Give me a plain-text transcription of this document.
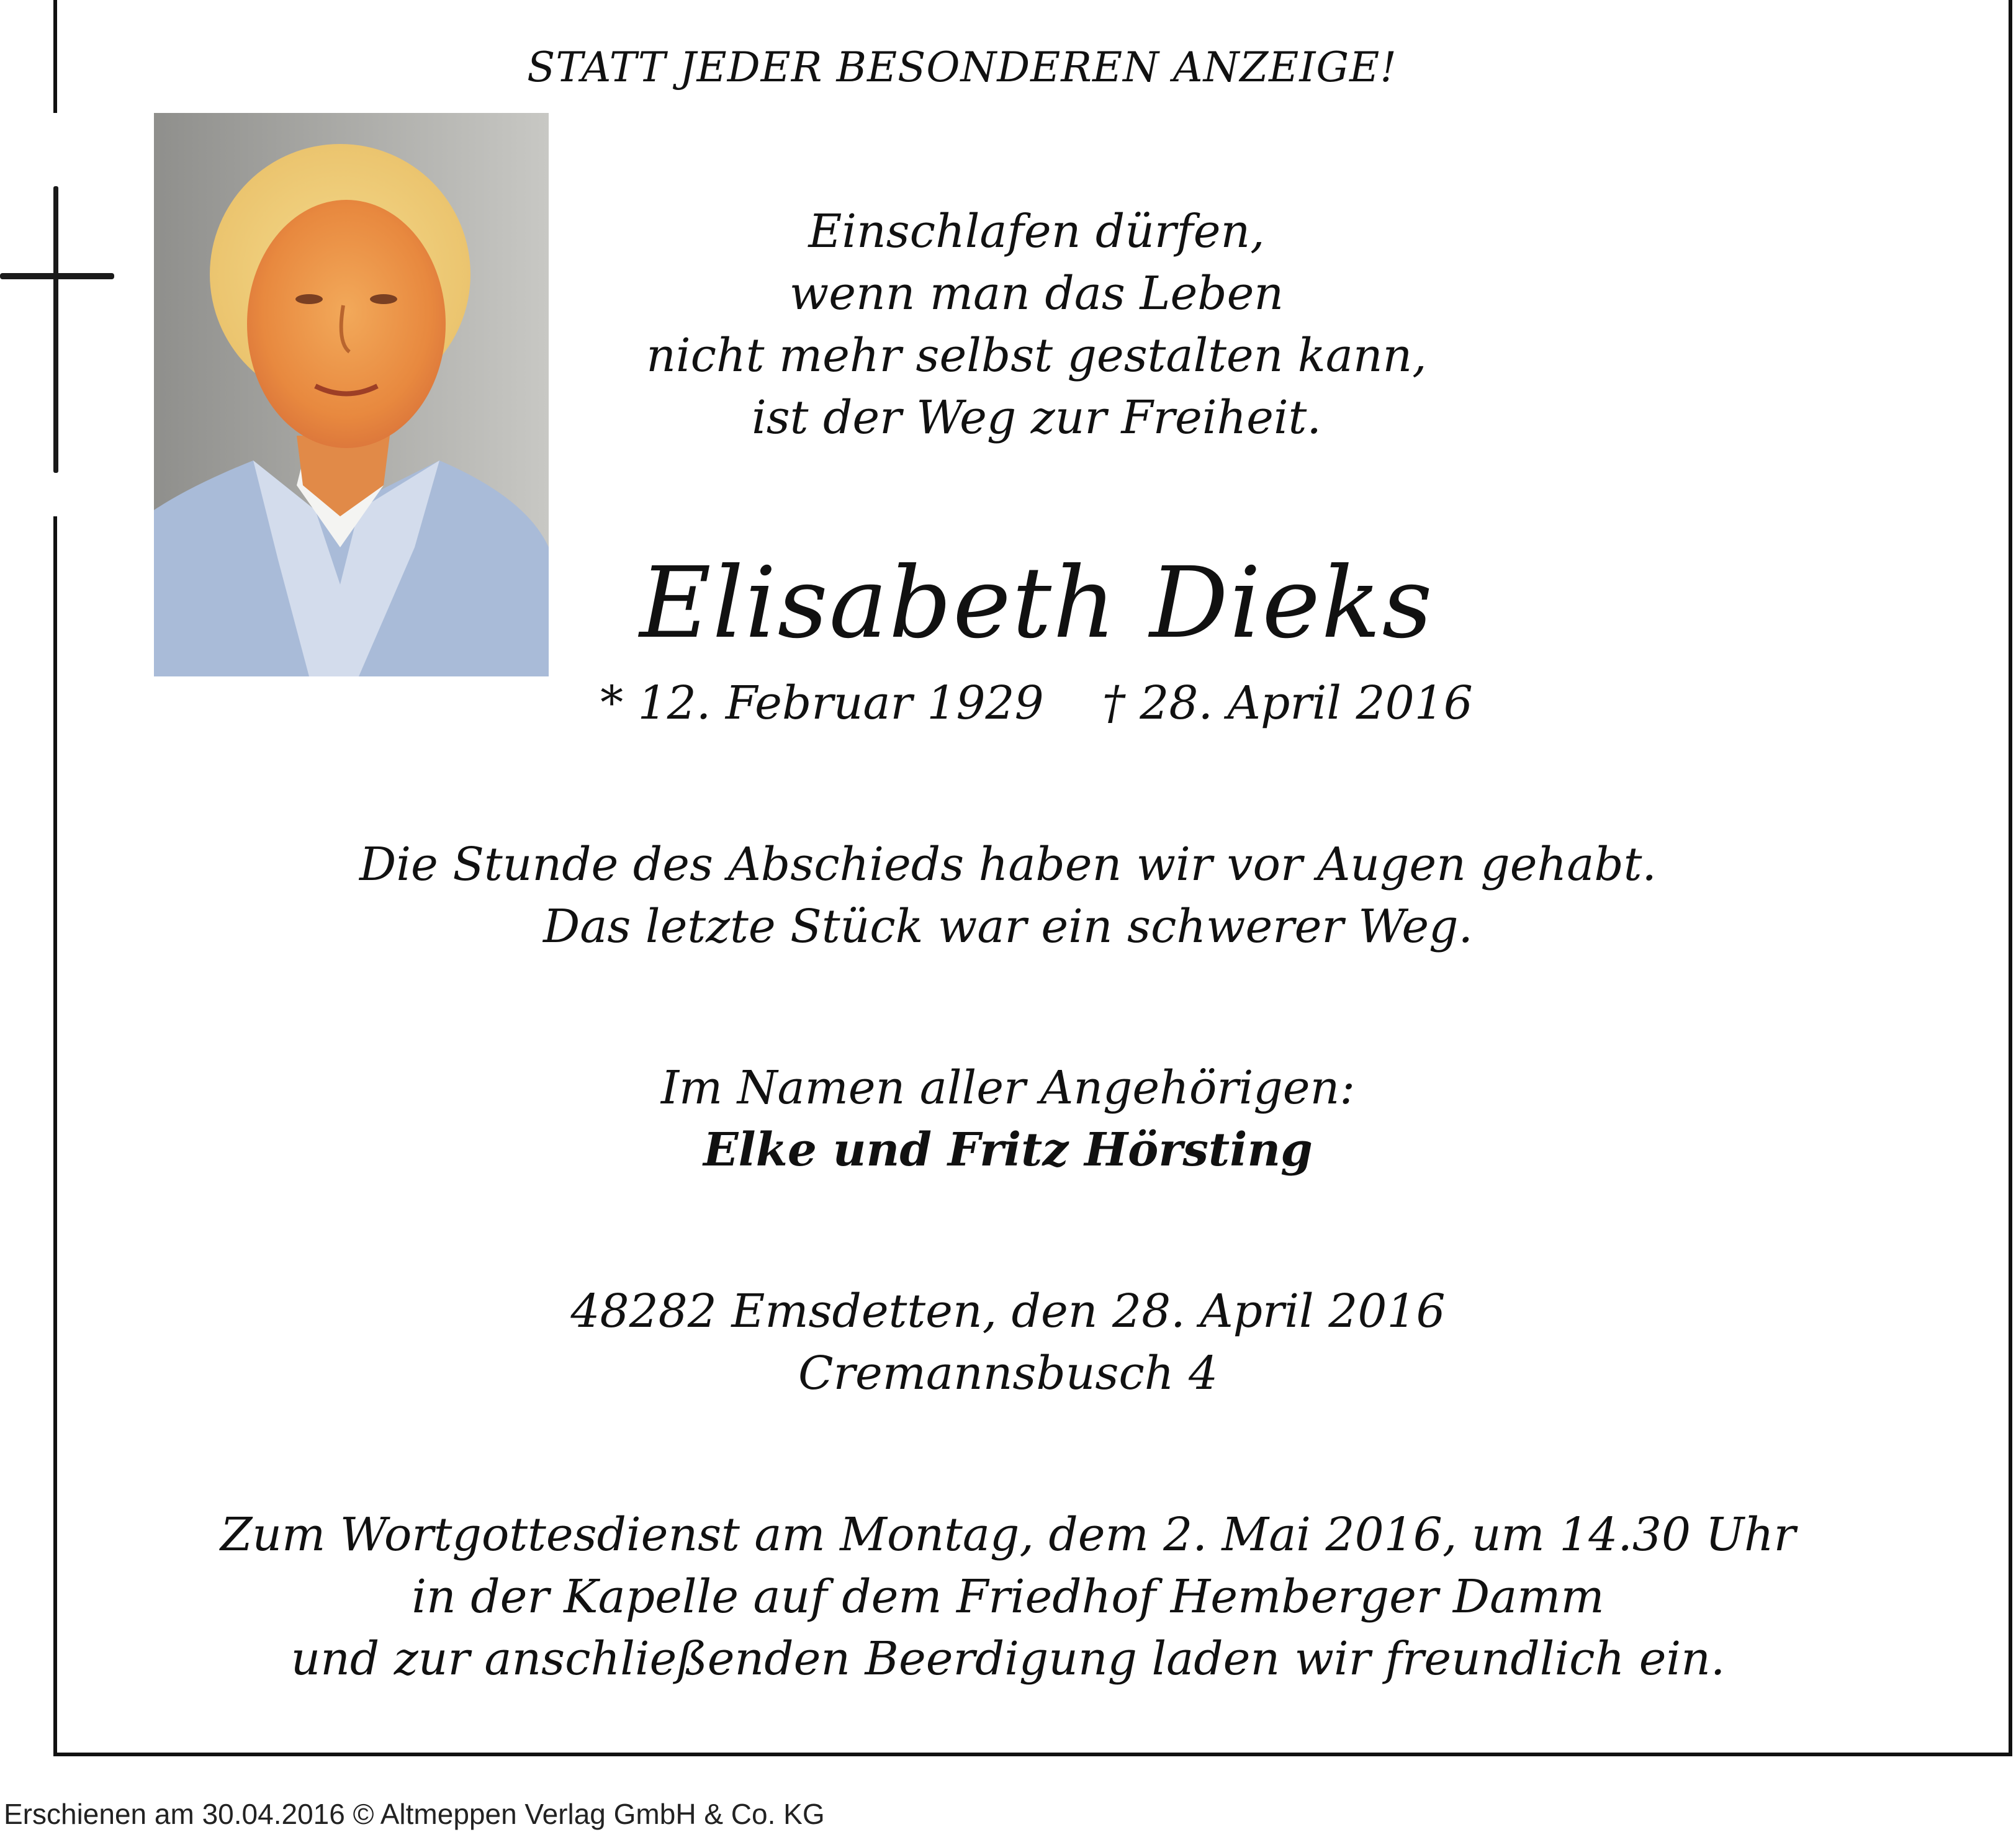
STATT JEDER BESONDEREN ANZEIGE!
Einschlafen dürfen,
wenn man das Leben
nicht mehr selbst gestalten kann,
ist der Weg zur Freiheit.
Elisabeth Dieks
* 12. Februar 1929    † 28. April 2016
Die Stunde des Abschieds haben wir vor Augen gehabt.
Das letzte Stück war ein schwerer Weg.
Im Namen aller Angehörigen:
Elke und Fritz Hörsting
48282 Emsdetten, den 28. April 2016
Cremannsbusch 4
Zum Wortgottesdienst am Montag, dem 2. Mai 2016, um 14.30 Uhr
in der Kapelle auf dem Friedhof Hemberger Damm
und zur anschließenden Beerdigung laden wir freundlich ein.
Erschienen am 30.04.2016 © Altmeppen Verlag GmbH & Co. KG
